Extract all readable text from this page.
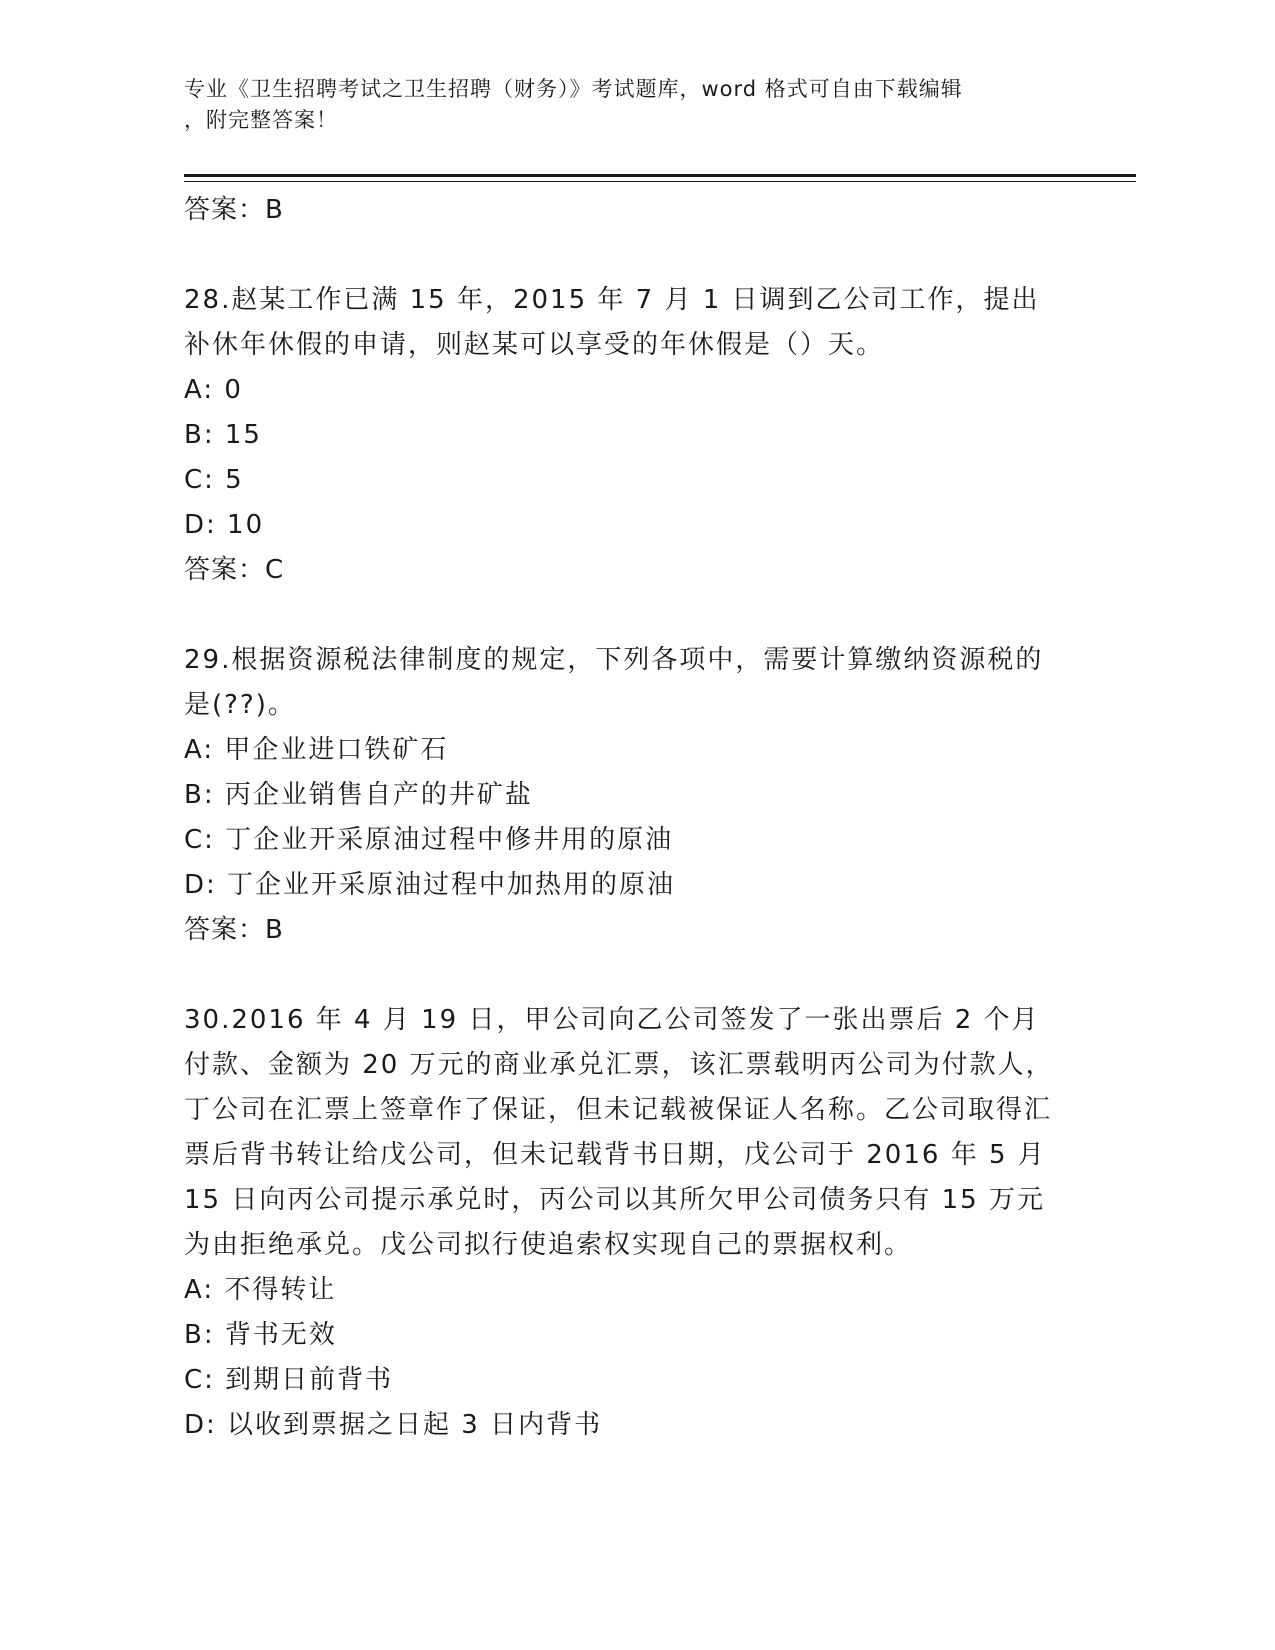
专业《卫生招聘考试之卫生招聘（财务）》考试题库，word 格式可自由下载编辑
，附完整答案！
答案：B

28.赵某工作已满 15 年，2015 年 7 月 1 日调到乙公司工作，提出补休年休假的申请，则赵某可以享受的年休假是（）天。

A: 0
B: 15
C: 5
D: 10
答案：C

29.根据资源税法律制度的规定，下列各项中，需要计算缴纳资源税的是(??)。

A: 甲企业进口铁矿石
B: 丙企业销售自产的井矿盐
C: 丁企业开采原油过程中修井用的原油
D: 丁企业开采原油过程中加热用的原油
答案：B

30.2016 年 4 月 19 日，甲公司向乙公司签发了一张出票后 2 个月付款、金额为 20 万元的商业承兑汇票，该汇票载明丙公司为付款人，丁公司在汇票上签章作了保证，但未记载被保证人名称。乙公司取得汇票后背书转让给戊公司，但未记载背书日期，戊公司于 2016 年 5 月 15 日向丙公司提示承兑时，丙公司以其所欠甲公司债务只有 15 万元为由拒绝承兑。戊公司拟行使追索权实现自己的票据权利。

A: 不得转让
B: 背书无效
C: 到期日前背书
D: 以收到票据之日起 3 日内背书
